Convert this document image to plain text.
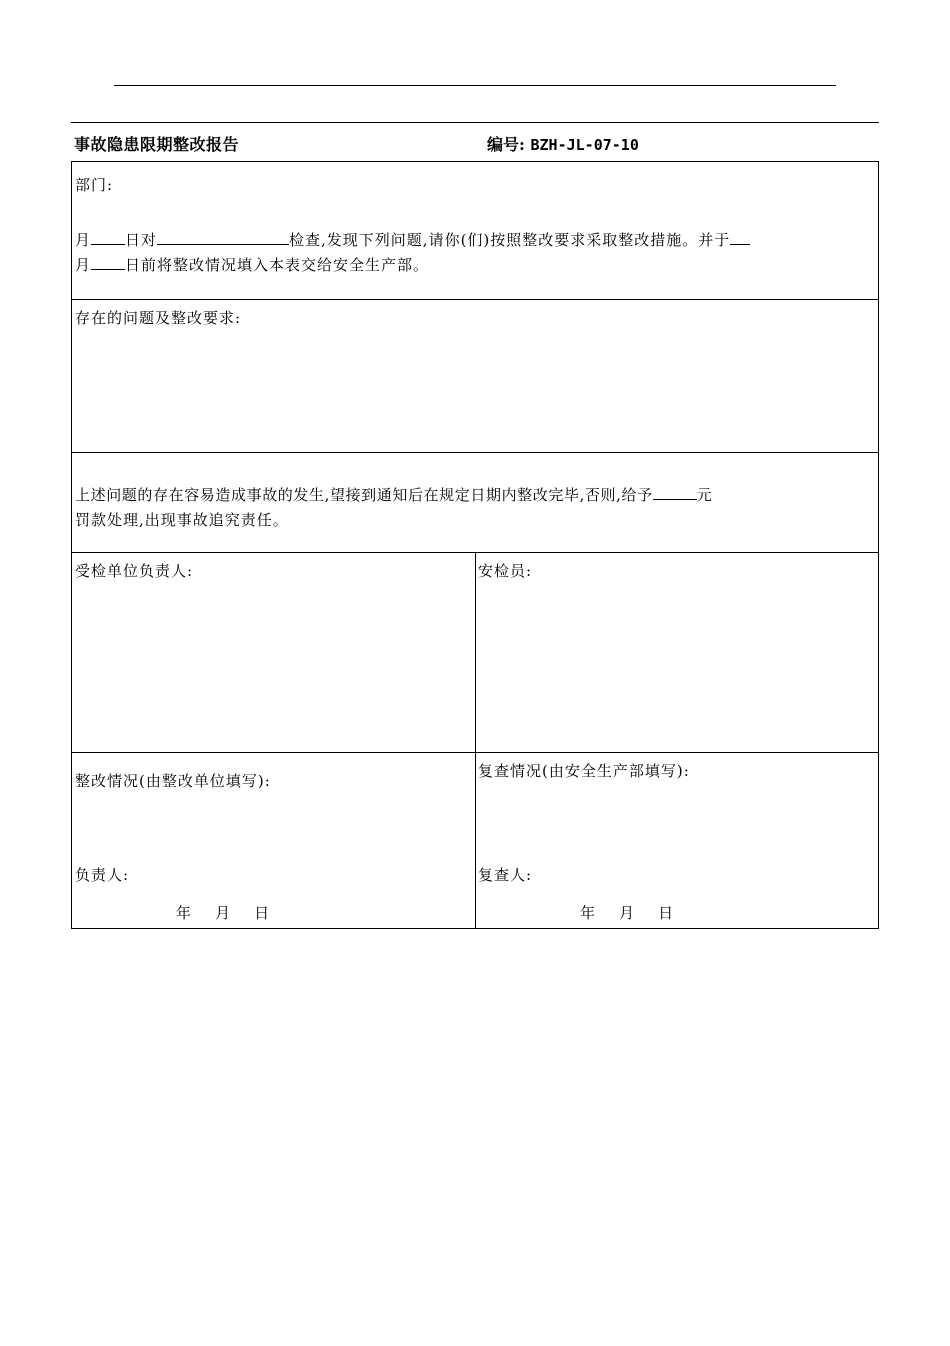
事故隐患限期整改报告	编号: BZH-JL-07-10
部门:
月 日对	检查,发现下列问题,请你(们)按照整改要求采取整改措施。并于
月 日前将整改情况填入本表交给安全生产部。
存在的问题及整改要求:
上述问题的存在容易造成事故的发生,望接到通知后在规定日期内整改完毕,否则,给予	元
罚款处理,出现事故追究责任。
受检单位负责人:	安检员:
整改情况(由整改单位填写):
负责人:
年    月    日
复查情况(由安全生产部填写):
复查人:
年    月    日
